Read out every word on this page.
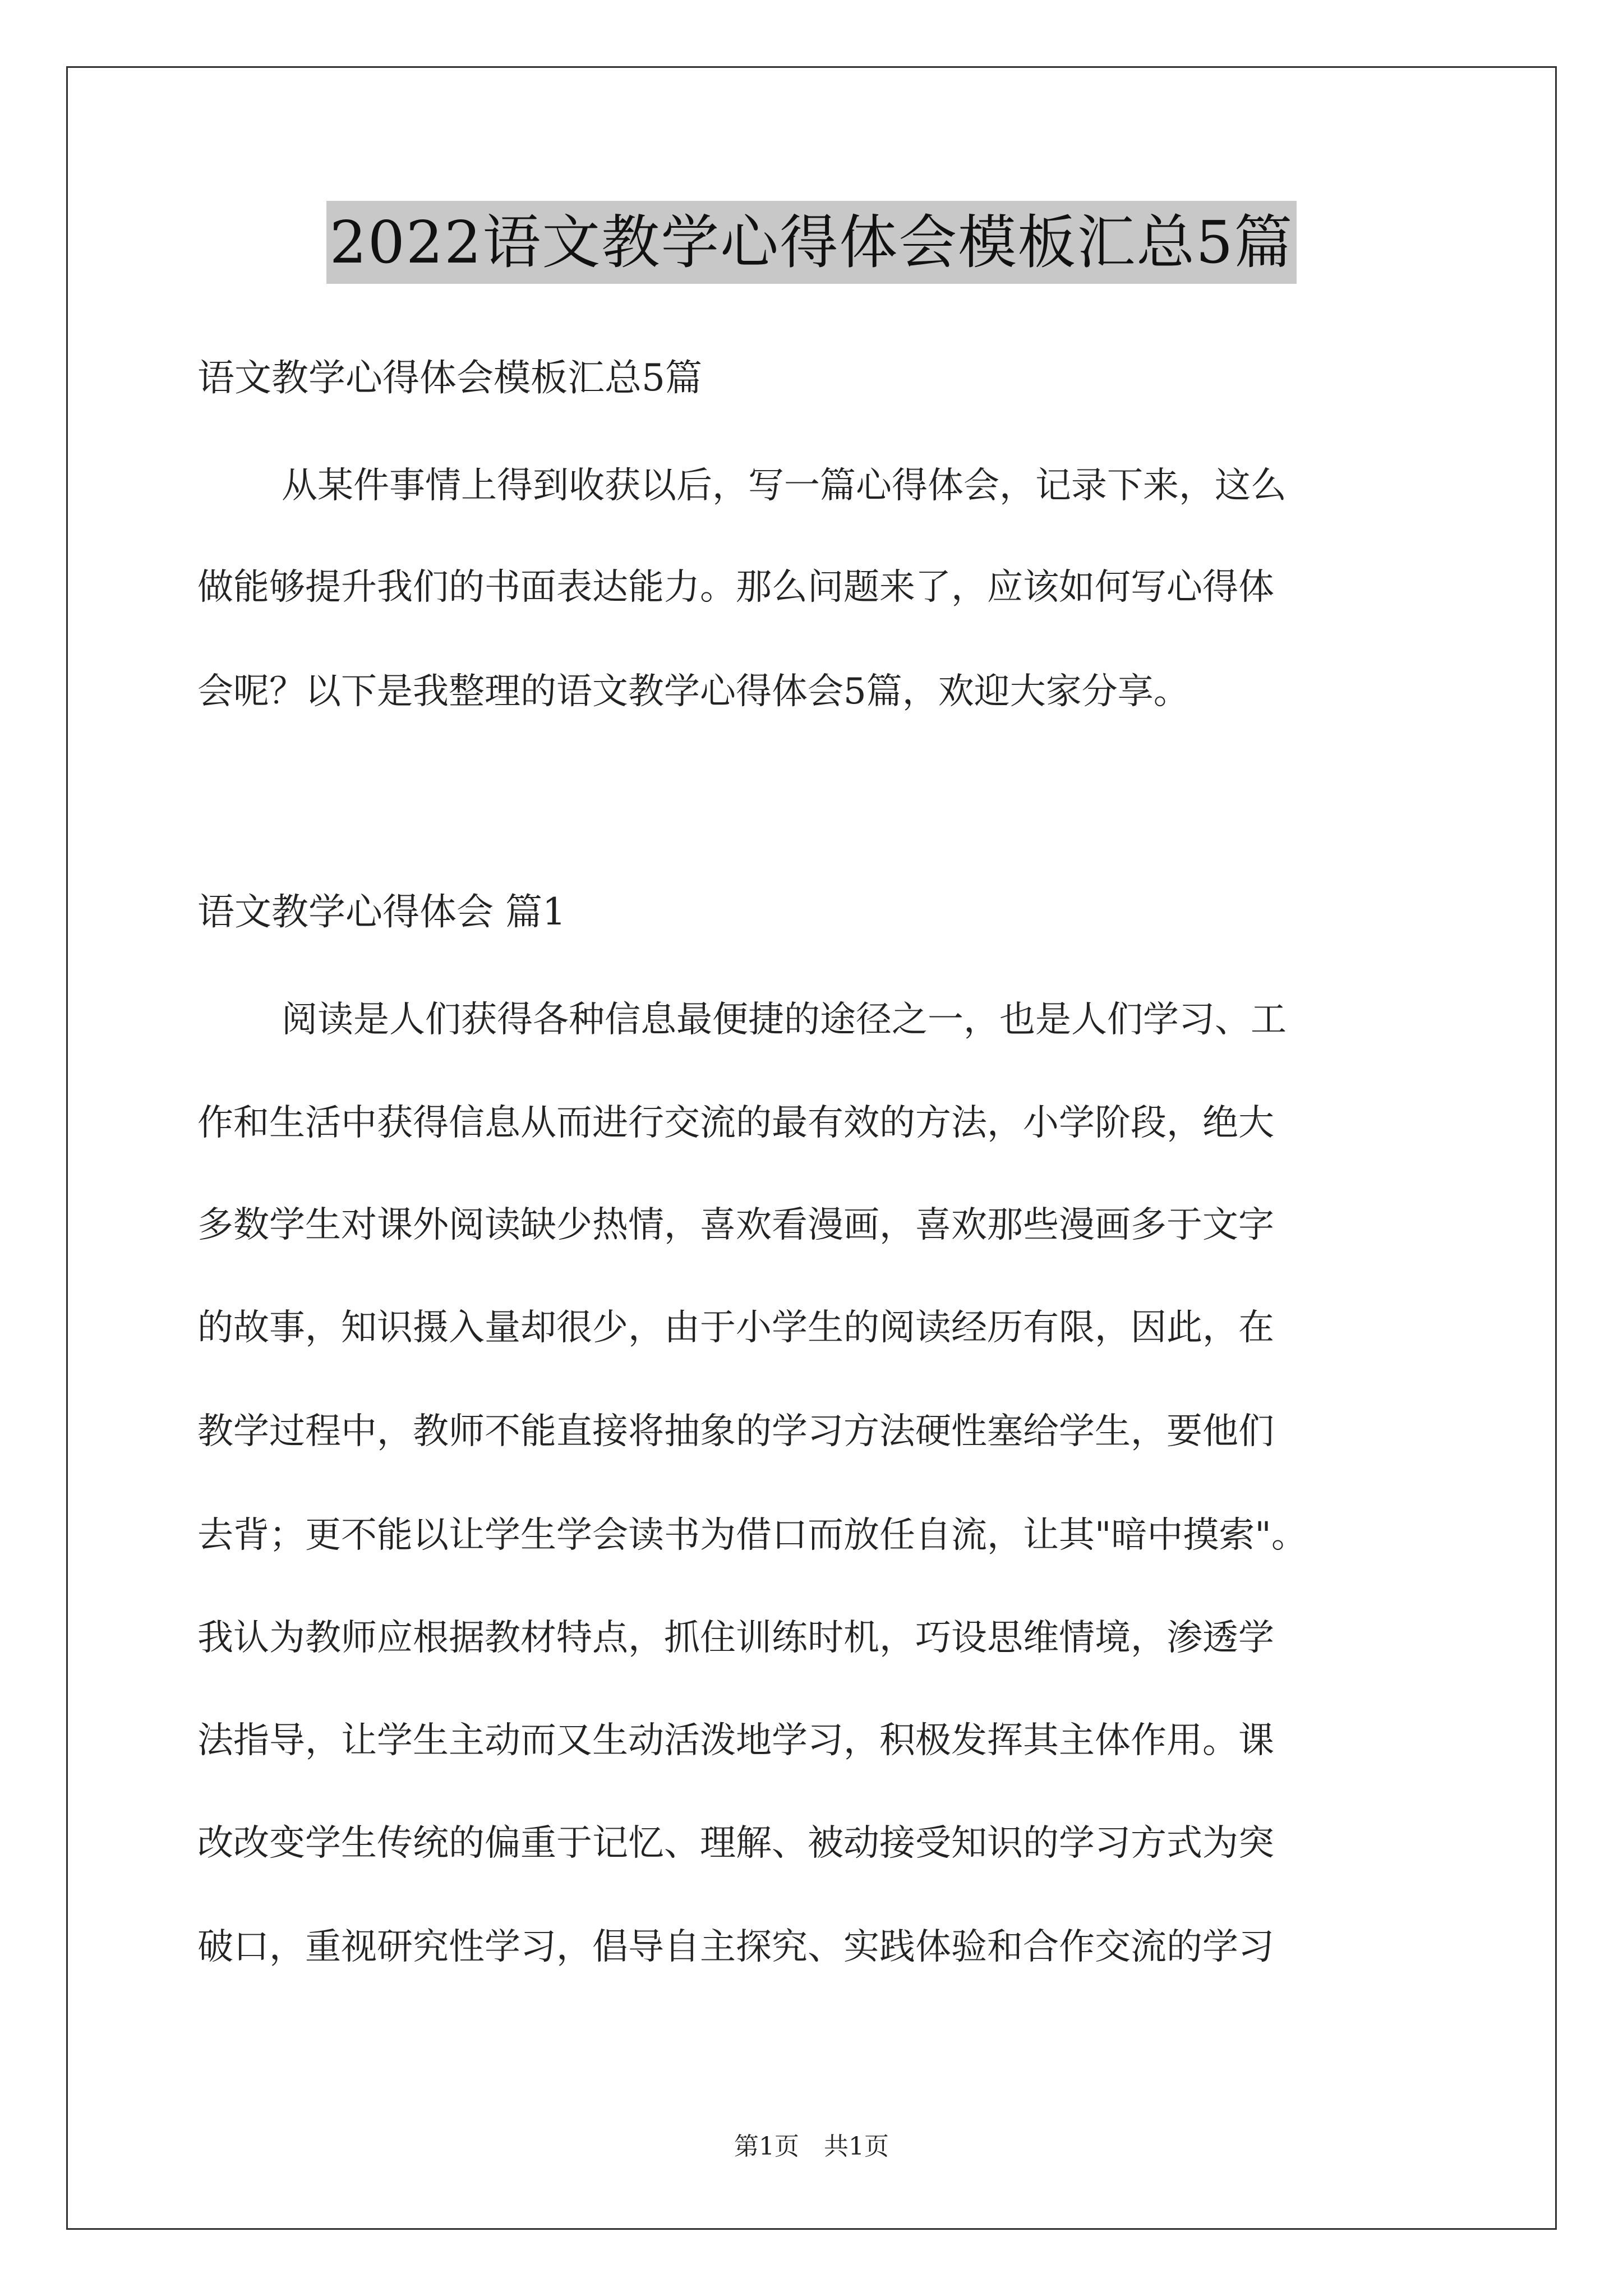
2022语文教学心得体会模板汇总5篇
语文教学心得体会模板汇总5篇
从某件事情上得到收获以后，写一篇心得体会，记录下来，这么
做能够提升我们的书面表达能力。那么问题来了，应该如何写心得体
会呢？以下是我整理的语文教学心得体会5篇，欢迎大家分享。
语文教学心得体会 篇1
阅读是人们获得各种信息最便捷的途径之一，也是人们学习、工
作和生活中获得信息从而进行交流的最有效的方法，小学阶段，绝大
多数学生对课外阅读缺少热情，喜欢看漫画，喜欢那些漫画多于文字
的故事，知识摄入量却很少，由于小学生的阅读经历有限，因此，在
教学过程中，教师不能直接将抽象的学习方法硬性塞给学生，要他们
去背；更不能以让学生学会读书为借口而放任自流，让其"暗中摸索"。
我认为教师应根据教材特点，抓住训练时机，巧设思维情境，渗透学
法指导，让学生主动而又生动活泼地学习，积极发挥其主体作用。课
改改变学生传统的偏重于记忆、理解、被动接受知识的学习方式为突
破口，重视研究性学习，倡导自主探究、实践体验和合作交流的学习
第1页　共1页
